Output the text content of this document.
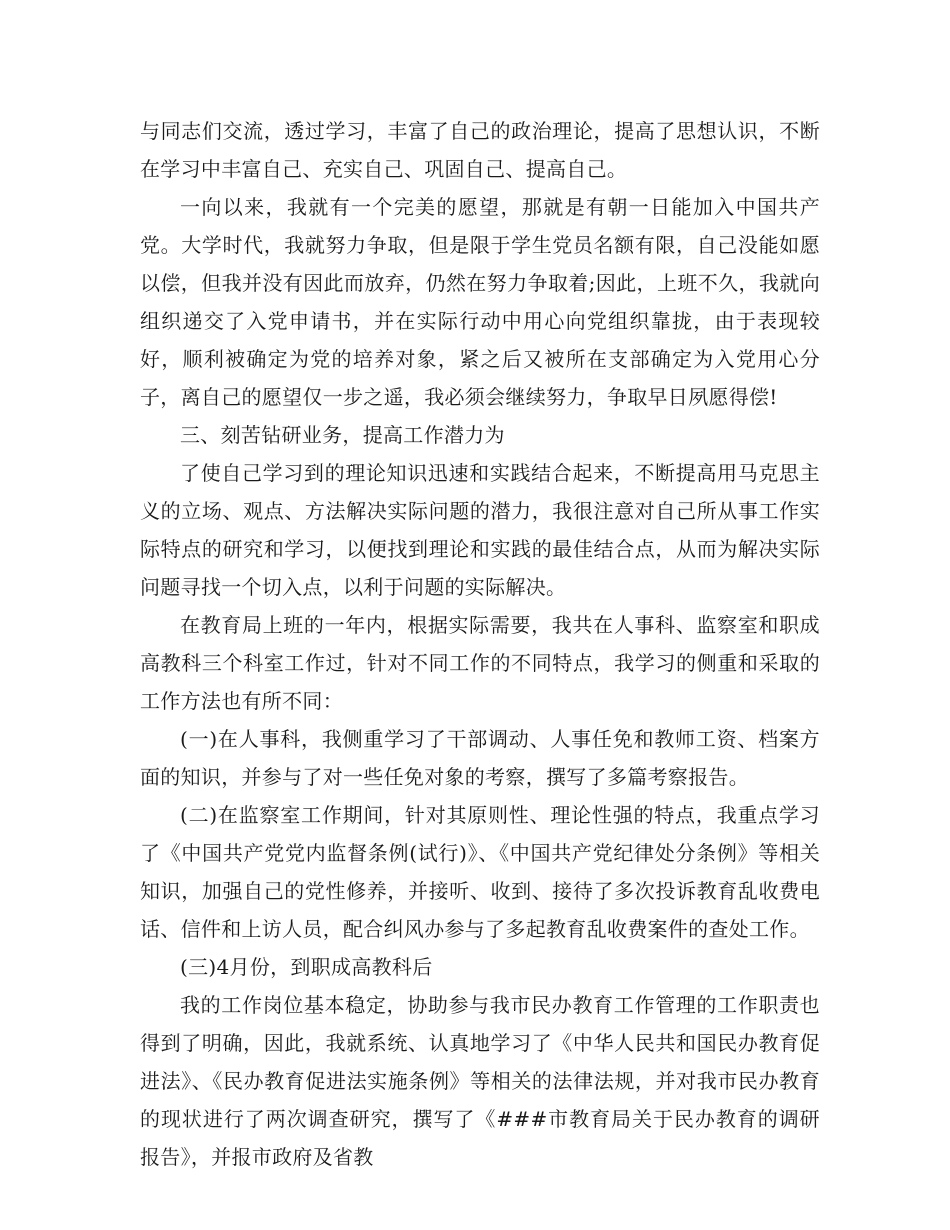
与同志们交流，透过学习，丰富了自己的政治理论，提高了思想认识，不断在学习中丰富自己、充实自己、巩固自己、提高自己。

一向以来，我就有一个完美的愿望，那就是有朝一日能加入中国共产党。大学时代，我就努力争取，但是限于学生党员名额有限，自己没能如愿以偿，但我并没有因此而放弃，仍然在努力争取着;因此，上班不久，我就向组织递交了入党申请书，并在实际行动中用心向党组织靠拢，由于表现较好，顺利被确定为党的培养对象，紧之后又被所在支部确定为入党用心分子，离自己的愿望仅一步之遥，我必须会继续努力，争取早日夙愿得偿!

三、刻苦钻研业务，提高工作潜力为

了使自己学习到的理论知识迅速和实践结合起来，不断提高用马克思主义的立场、观点、方法解决实际问题的潜力，我很注意对自己所从事工作实际特点的研究和学习，以便找到理论和实践的最佳结合点，从而为解决实际问题寻找一个切入点，以利于问题的实际解决。

在教育局上班的一年内，根据实际需要，我共在人事科、监察室和职成高教科三个科室工作过，针对不同工作的不同特点，我学习的侧重和采取的工作方法也有所不同：

(一)在人事科，我侧重学习了干部调动、人事任免和教师工资、档案方面的知识，并参与了对一些任免对象的考察，撰写了多篇考察报告。

(二)在监察室工作期间，针对其原则性、理论性强的特点，我重点学习了《中国共产党党内监督条例(试行)》、《中国共产党纪律处分条例》等相关知识，加强自己的党性修养，并接听、收到、接待了多次投诉教育乱收费电话、信件和上访人员，配合纠风办参与了多起教育乱收费案件的查处工作。

(三)4月份，到职成高教科后

我的工作岗位基本稳定，协助参与我市民办教育工作管理的工作职责也得到了明确，因此，我就系统、认真地学习了《中华人民共和国民办教育促进法》、《民办教育促进法实施条例》等相关的法律法规，并对我市民办教育的现状进行了两次调查研究，撰写了《###市教育局关于民办教育的调研报告》，并报市政府及省教
